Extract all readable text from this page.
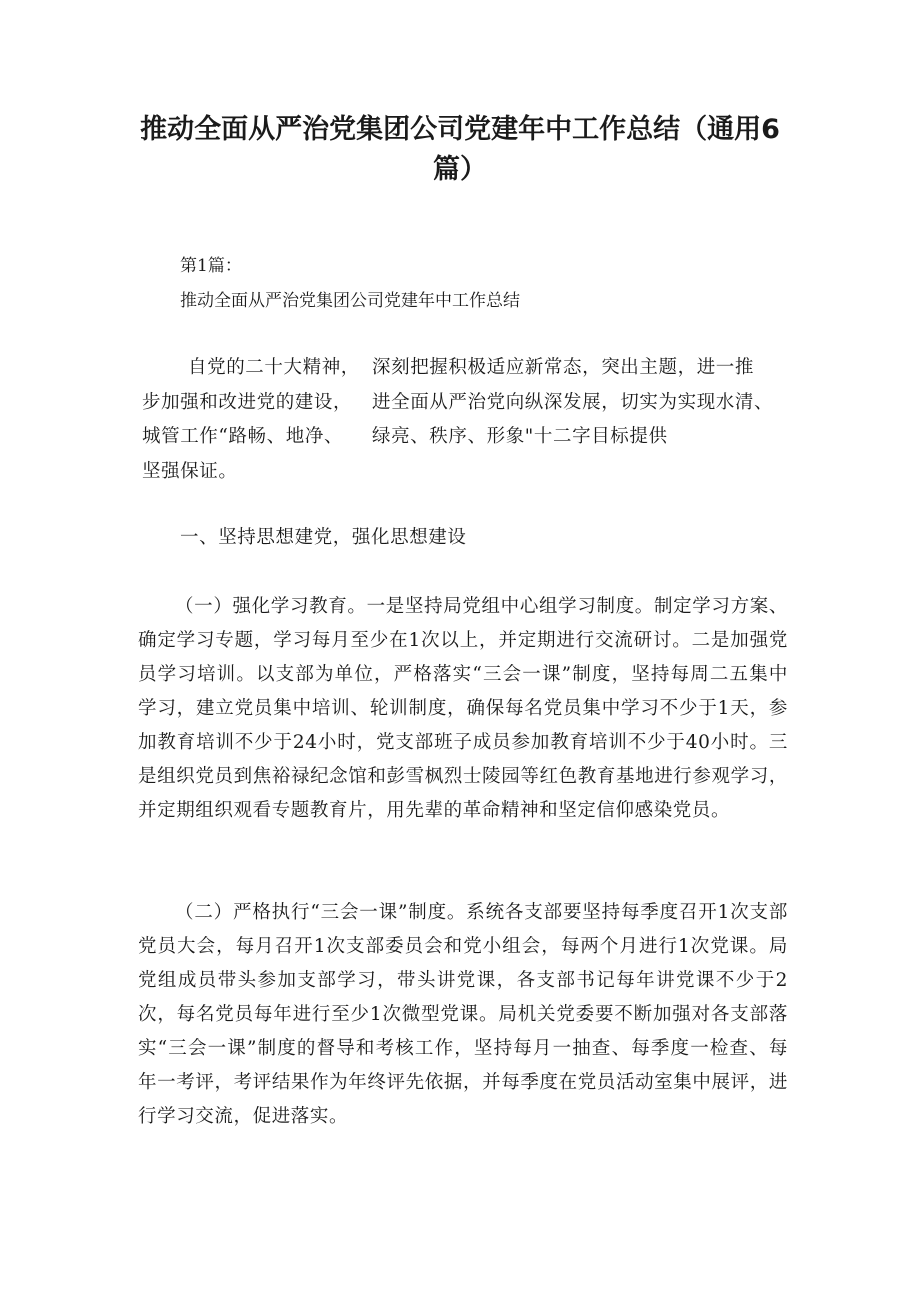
推动全面从严治党集团公司党建年中工作总结（通用6篇）
第1篇：
推动全面从严治党集团公司党建年中工作总结
自党的二十大精神， 深刻把握积极适应新常态，突出主题，进一推
步加强和改进党的建设， 进全面从严治党向纵深发展，切实为实现水清、
城管工作“路畅、地净、 绿亮、秩序、形象"十二字目标提供
坚强保证。
一、坚持思想建党，强化思想建设
（一）强化学习教育。一是坚持局党组中心组学习制度。制定学习方案、确定学习专题，学习每月至少在1次以上，并定期进行交流研讨。二是加强党员学习培训。以支部为单位，严格落实“三会一课”制度，坚持每周二五集中学习，建立党员集中培训、轮训制度，确保每名党员集中学习不少于1天，参加教育培训不少于24小时，党支部班子成员参加教育培训不少于40小时。三是组织党员到焦裕禄纪念馆和彭雪枫烈士陵园等红色教育基地进行参观学习，并定期组织观看专题教育片，用先辈的革命精神和坚定信仰感染党员。
（二）严格执行“三会一课”制度。系统各支部要坚持每季度召开1次支部党员大会，每月召开1次支部委员会和党小组会，每两个月进行1次党课。局党组成员带头参加支部学习，带头讲党课，各支部书记每年讲党课不少于2次，每名党员每年进行至少1次微型党课。局机关党委要不断加强对各支部落实“三会一课”制度的督导和考核工作，坚持每月一抽查、每季度一检查、每年一考评，考评结果作为年终评先依据，并每季度在党员活动室集中展评，进行学习交流，促进落实。
